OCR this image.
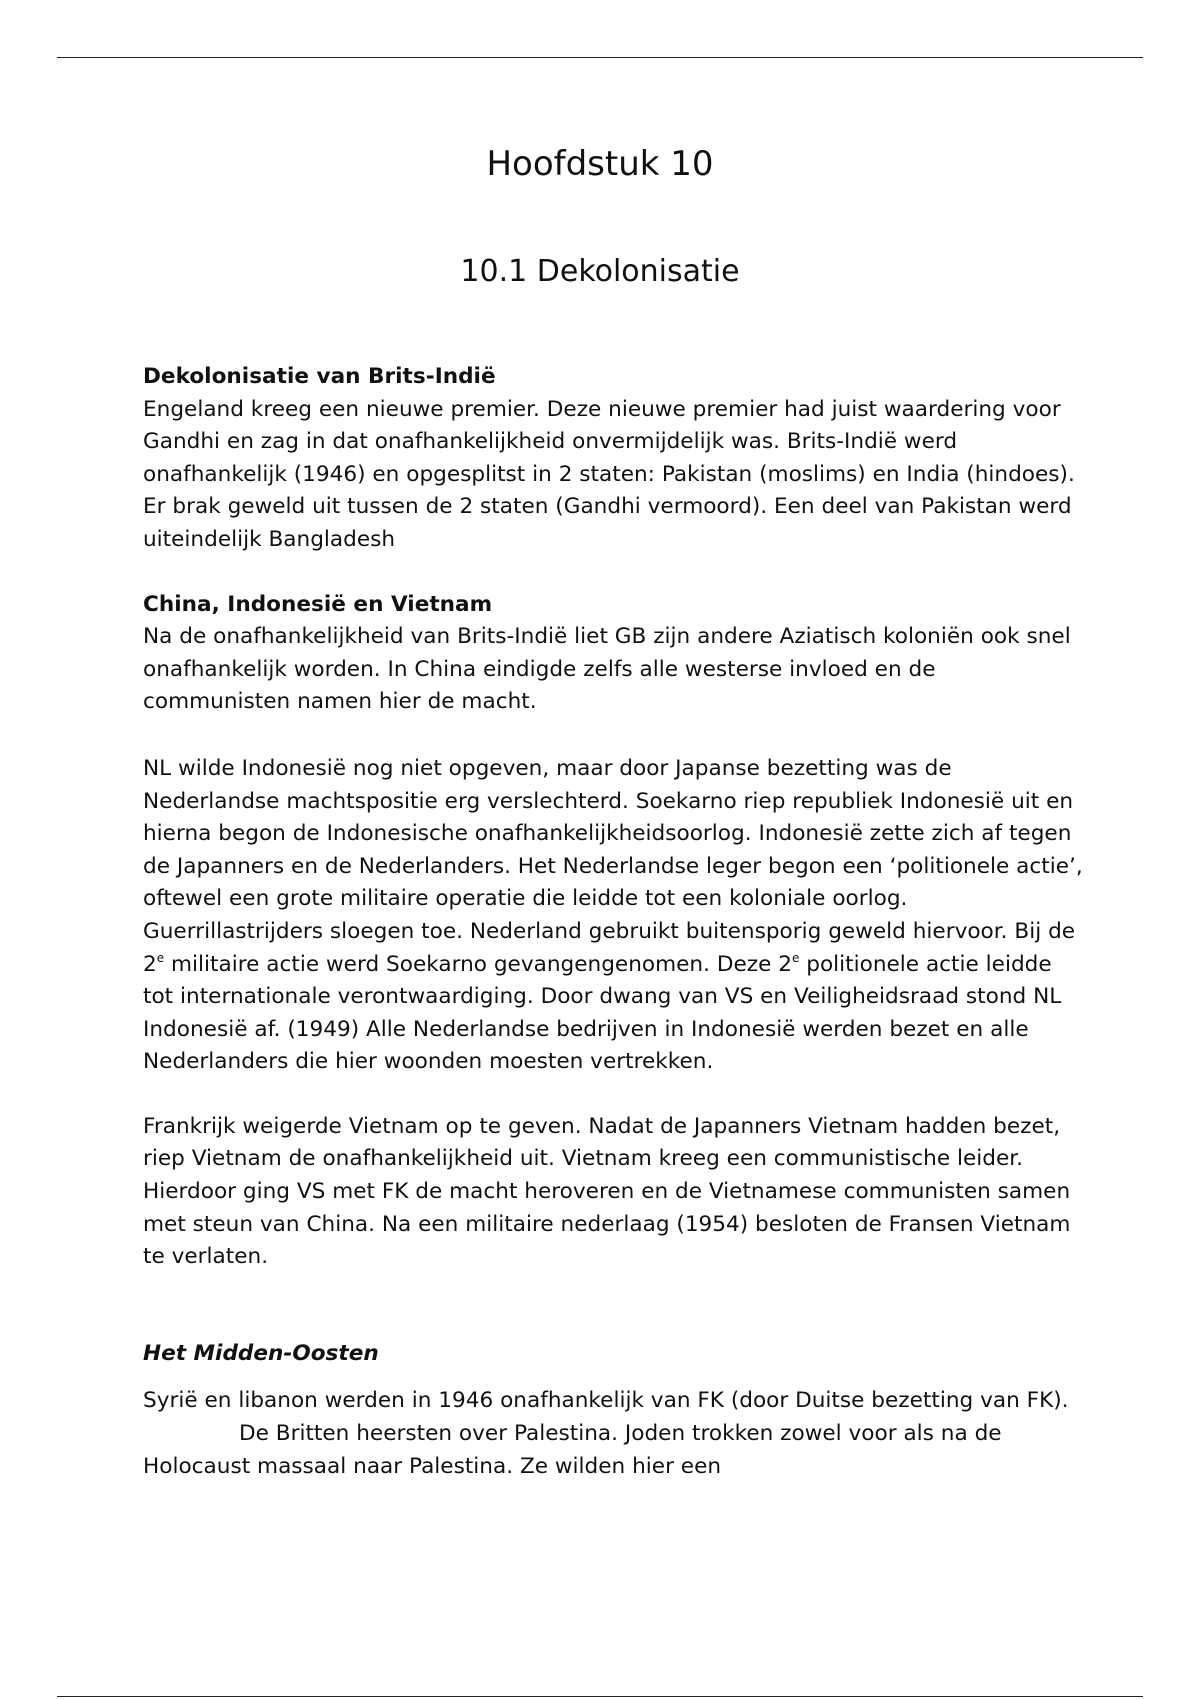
Hoofdstuk 10
10.1 Dekolonisatie
Dekolonisatie van Brits-Indië

Engeland kreeg een nieuwe premier. Deze nieuwe premier had juist waardering voor Gandhi en zag in dat onafhankelijkheid onvermijdelijk was. Brits-Indië werd onafhankelijk (1946) en opgesplitst in 2 staten: Pakistan (moslims) en India (hindoes). Er brak geweld uit tussen de 2 staten (Gandhi vermoord). Een deel van Pakistan werd uiteindelijk Bangladesh

China, Indonesië en Vietnam

Na de onafhankelijkheid van Brits-Indië liet GB zijn andere Aziatisch koloniën ook snel onafhankelijk worden. In China eindigde zelfs alle westerse invloed en de communisten namen hier de macht.

NL wilde Indonesië nog niet opgeven, maar door Japanse bezetting was de Nederlandse machtspositie erg verslechterd. Soekarno riep republiek Indonesië uit en hierna begon de Indonesische onafhankelijkheidsoorlog. Indonesië zette zich af tegen de Japanners en de Nederlanders. Het Nederlandse leger begon een ‘politionele actie’, oftewel een grote militaire operatie die leidde tot een koloniale oorlog. Guerrillastrijders sloegen toe. Nederland gebruikt buitensporig geweld hiervoor. Bij de 2e militaire actie werd Soekarno gevangengenomen. Deze 2e politionele actie leidde tot internationale verontwaardiging. Door dwang van VS en Veiligheidsraad stond NL Indonesië af. (1949) Alle Nederlandse bedrijven in Indonesië werden bezet en alle Nederlanders die hier woonden moesten vertrekken.

Frankrijk weigerde Vietnam op te geven. Nadat de Japanners Vietnam hadden bezet, riep Vietnam de onafhankelijkheid uit. Vietnam kreeg een communistische leider. Hierdoor ging VS met FK de macht heroveren en de Vietnamese communisten samen met steun van China. Na een militaire nederlaag (1954) besloten de Fransen Vietnam te verlaten.

Het Midden-Oosten

Syrië en libanon werden in 1946 onafhankelijk van FK (door Duitse bezetting van FK).De Britten heersten over Palestina. Joden trokken zowel voor als na de Holocaust massaal naar Palestina. Ze wilden hier een
